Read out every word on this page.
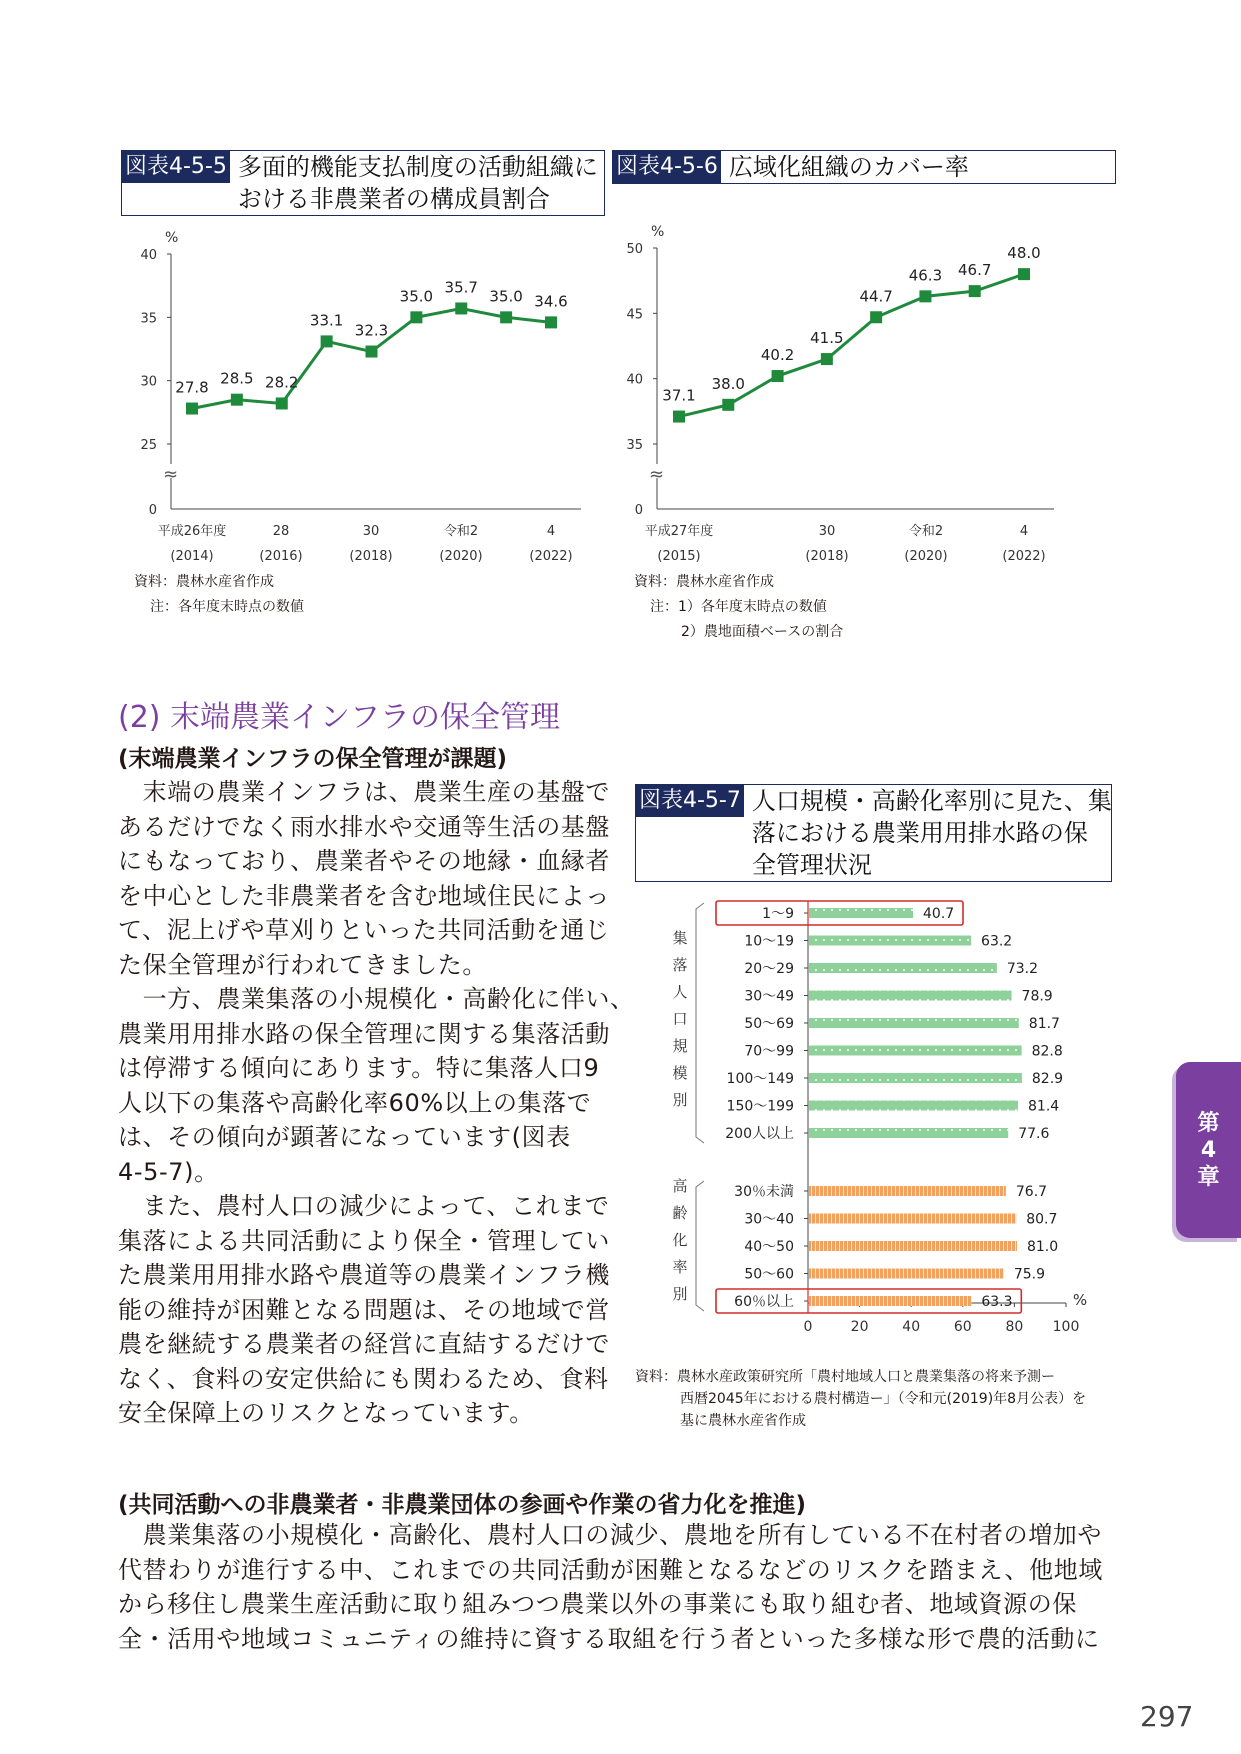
図表4-5-5 多面的機能支払制度の活動組織に
おける非農業者の構成員割合
図表4-5-6 広域化組織のカバー率
%
≈
0
25
30
35
40
平成26年度
(2014)
28
(2016)
30
(2018)
令和2
(2020)
4
(2022)
27.8 28.5 28.2
33.1
32.3
35.0 35.7 35.0 34.6
資料：農林水産省作成
注：各年度末時点の数値
%
≈
0
35
40
45
50
平成27年度
(2015)
30
(2018)
令和2
(2020)
4
(2022)
37.1
38.0
40.2
41.5
44.7
46.3 46.7
48.0
資料：農林水産省作成
注：1）各年度末時点の数値
2）農地面積ベースの割合
(2) 末端農業インフラの保全管理
(末端農業インフラの保全管理が課題)

　末端の農業インフラは、農業生産の基盤で

あるだけでなく雨水排水や交通等生活の基盤

にもなっており、農業者やその地縁・血縁者

を中心とした非農業者を含む地域住民によっ

て、泥上げや草刈りといった共同活動を通じ

た保全管理が行われてきました。

　一方、農業集落の小規模化・高齢化に伴い、

農業用用排水路の保全管理に関する集落活動

は停滞する傾向にあります。特に集落人口9

人以下の集落や高齢化率60%以上の集落で

は、その傾向が顕著になっています(図表

4-5-7)。

　また、農村人口の減少によって、これまで

集落による共同活動により保全・管理してい

た農業用用排水路や農道等の農業インフラ機

能の維持が困難となる問題は、その地域で営

農を継続する農業者の経営に直結するだけで

なく、食料の安定供給にも関わるため、食料

安全保障上のリスクとなっています。

図表4-5-7 人口規模・高齢化率別に見た、集
落における農業用用排水路の保
全管理状況
0	20 40 60 80 100
%
集
落
人
口
規
模
別
1〜9	40.7
10〜19	63.2
20〜29	73.2
30〜49	78.9
50〜69	81.7
70〜99	82.8
100〜149	82.9
150〜199	81.4
200人以上	77.6
高
齢
化
率
別
30％未満	76.7
30〜40	80.7
40〜50	81.0
50〜60	75.9
60％以上	63.3
資料：農林水産政策研究所「農村地域人口と農業集落の将来予測ー
西暦2045年における農村構造ー」（令和元(2019)年8月公表）を
基に農林水産省作成
(共同活動への非農業者・非農業団体の参画や作業の省力化を推進)

　農業集落の小規模化・高齢化、農村人口の減少、農地を所有している不在村者の増加や

代替わりが進行する中、これまでの共同活動が困難となるなどのリスクを踏まえ、他地域

から移住し農業生産活動に取り組みつつ農業以外の事業にも取り組む者、地域資源の保

全・活用や地域コミュニティの維持に資する取組を行う者といった多様な形で農的活動に

第
4
章
297
